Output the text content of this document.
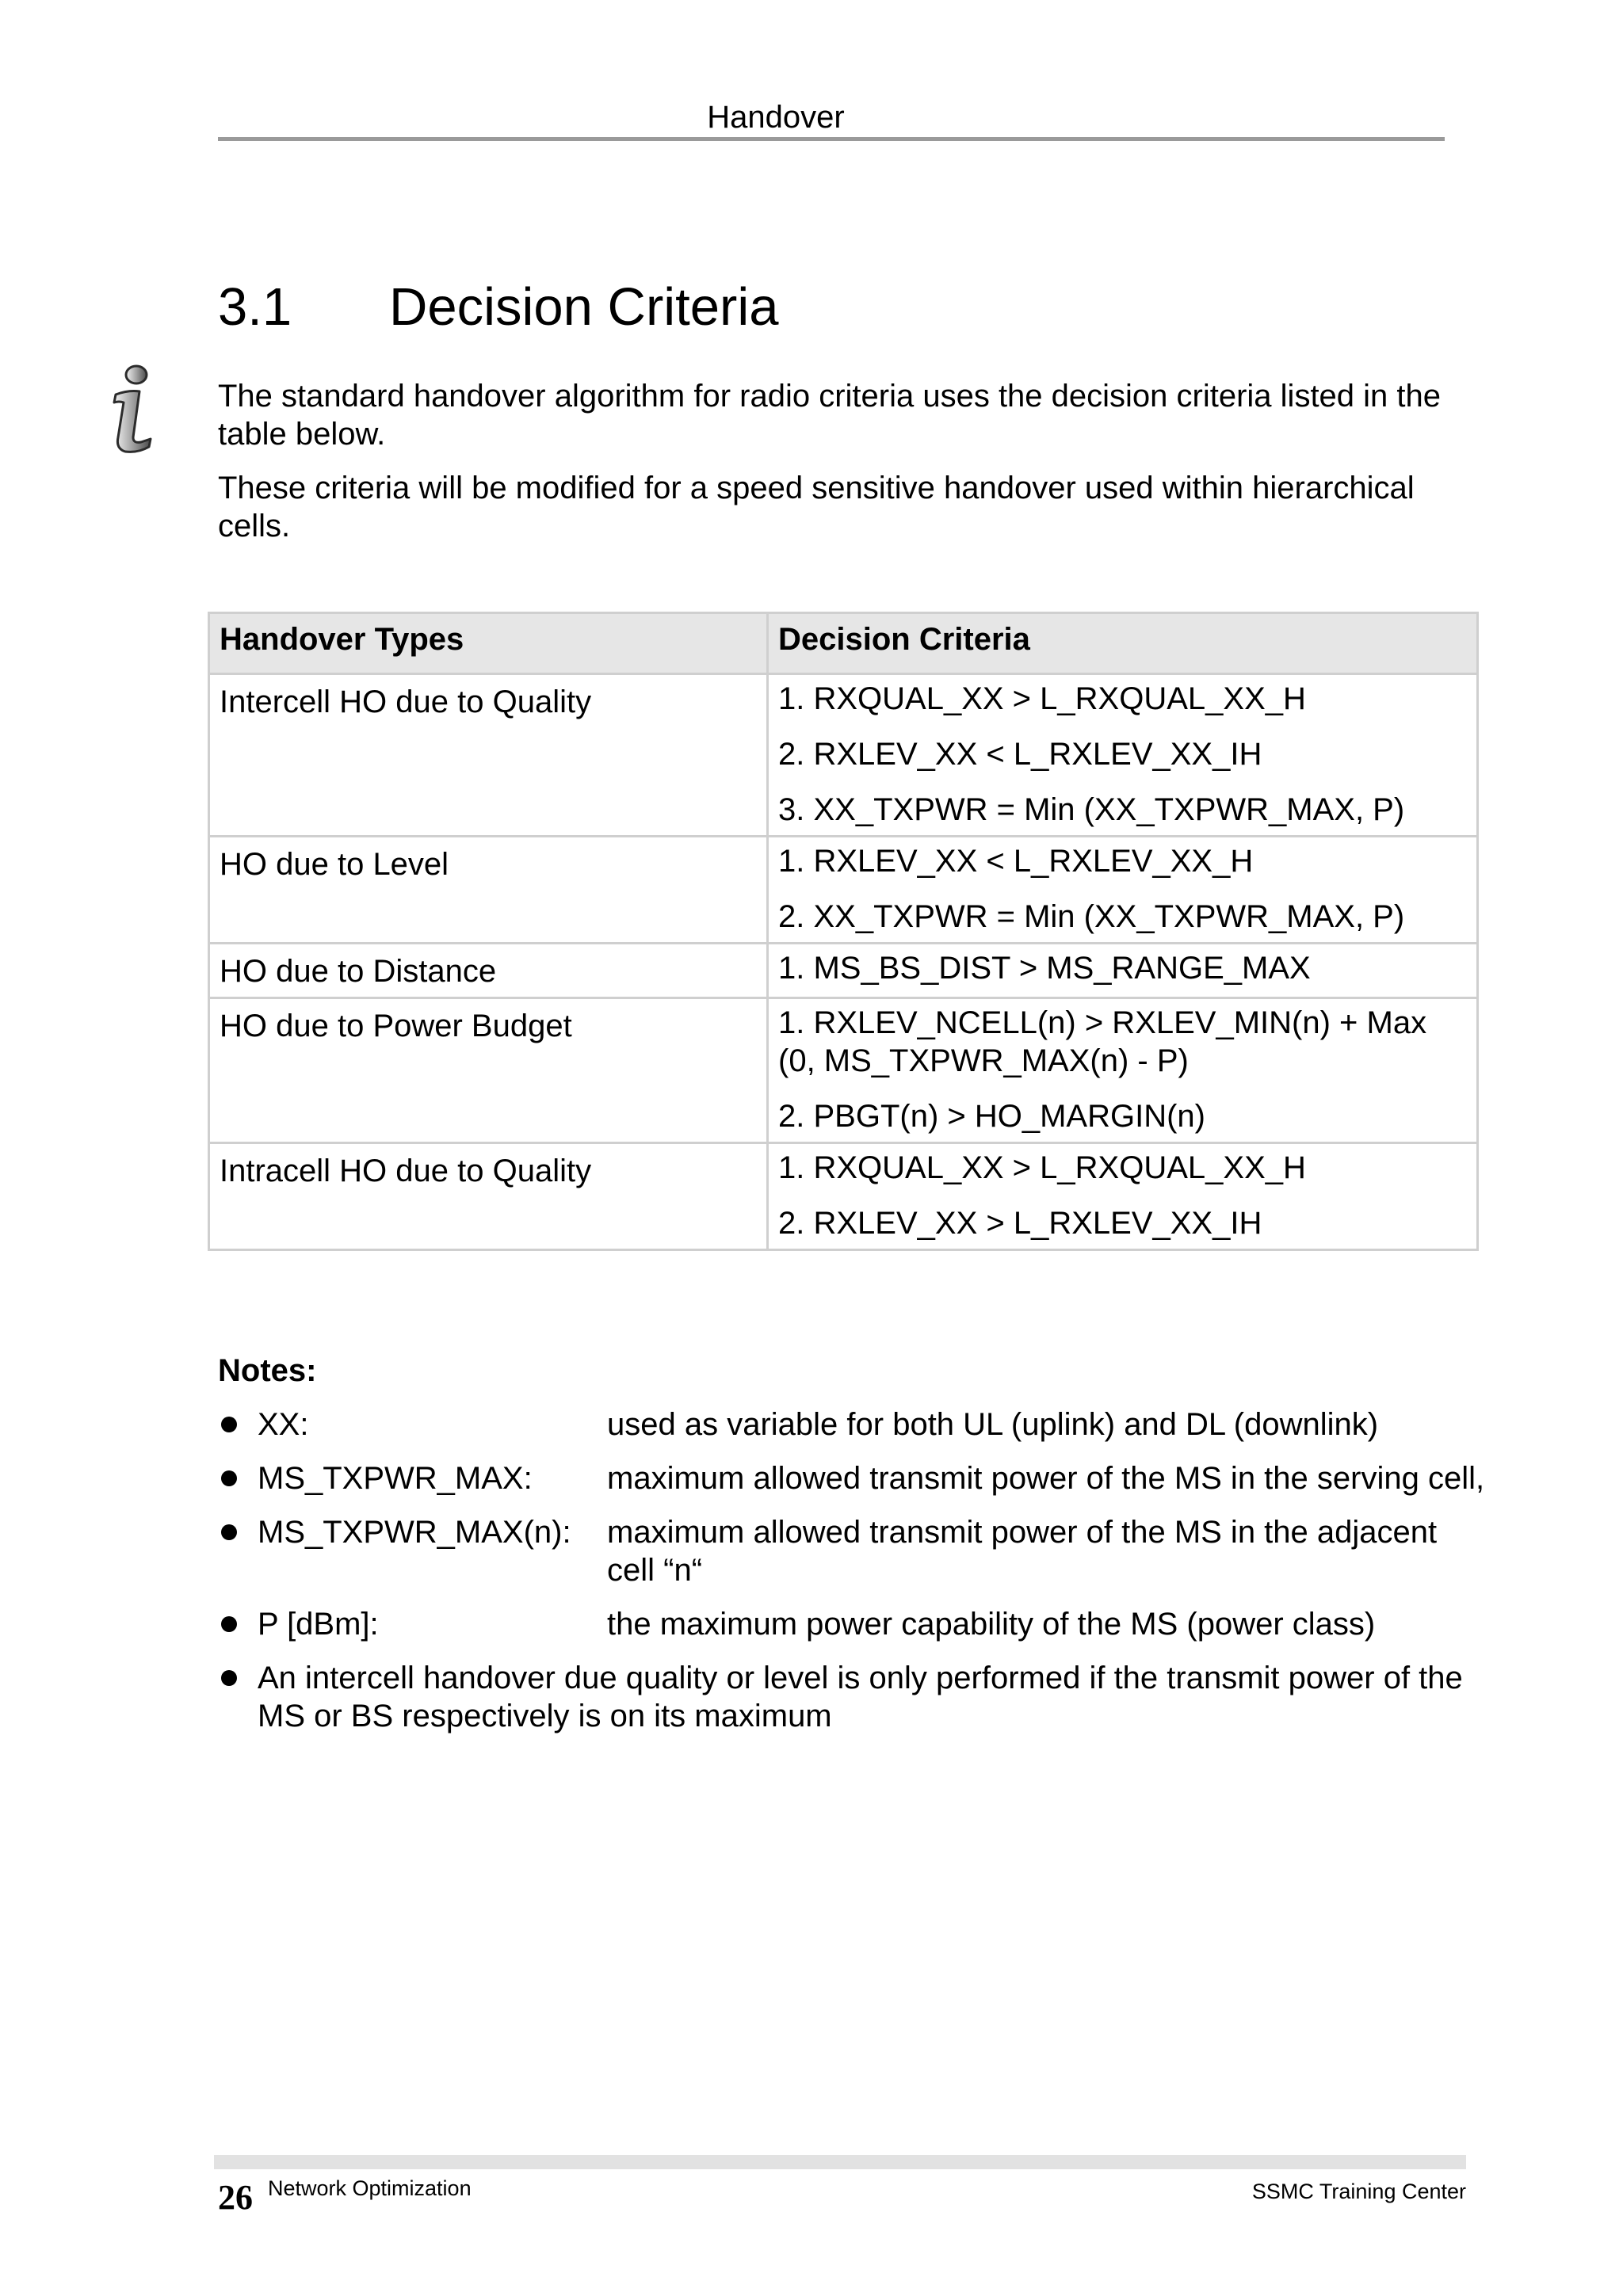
Handover
3.1 Decision Criteria
The standard handover algorithm for radio criteria uses the decision criteria listed in the table below.
These criteria will be modified for a speed sensitive handover used within hierarchical cells.
Handover Types	Decision Criteria
Intercell HO due to Quality	1. RXQUAL_XX > L_RXQUAL_XX_H
2. RXLEV_XX < L_RXLEV_XX_IH
3. XX_TXPWR = Min (XX_TXPWR_MAX, P)

HO due to Level	1. RXLEV_XX < L_RXLEV_XX_H
2. XX_TXPWR = Min (XX_TXPWR_MAX, P)

HO due to Distance	1. MS_BS_DIST > MS_RANGE_MAX

HO due to Power Budget	1. RXLEV_NCELL(n) > RXLEV_MIN(n) + Max (0, MS_TXPWR_MAX(n) - P)
2. PBGT(n) > HO_MARGIN(n)

Intracell HO due to Quality	1. RXQUAL_XX > L_RXQUAL_XX_H
2. RXLEV_XX > L_RXLEV_XX_IH
Notes:
XX:	used as variable for both UL (uplink) and DL (downlink)
MS_TXPWR_MAX: maximum allowed transmit power of the MS in the serving cell,
MS_TXPWR_MAX(n): maximum allowed transmit power of the MS in the adjacent cell “n“
P [dBm]:	the maximum power capability of the MS (power class)
An intercell handover due quality or level is only performed if the transmit power of the MS or BS respectively is on its maximum
26 Network Optimization	SSMC Training Center
